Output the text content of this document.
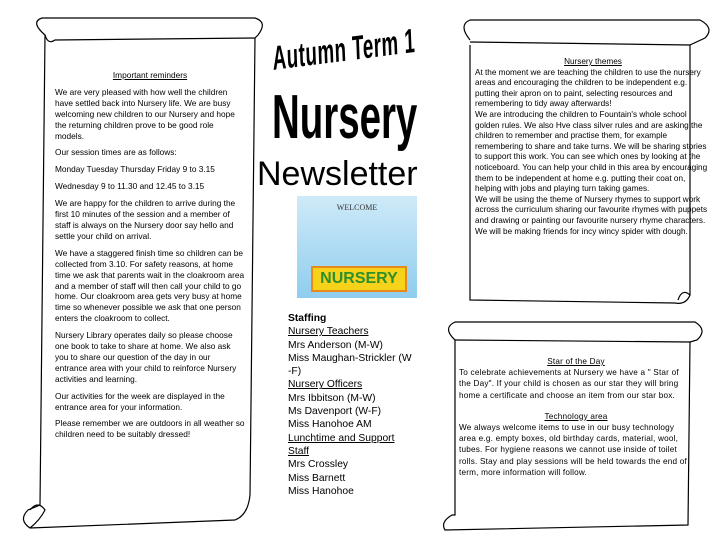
Autumn Term 1
Nursery
Newsletter
WELCOME
NURSERY

Important reminders

We are very pleased with how well the children have settled back into Nursery life. We are busy welcoming new children to our Nursery and hope the returning children prove to be good role models.

Our session times are as follows:

Monday Tuesday Thursday Friday 9 to 3.15

Wednesday 9 to 11.30 and 12.45 to 3.15

We are happy for the children to arrive during the first 10 minutes of the session and a member of staff is always on the Nursery door say hello and settle your child on arrival.

We have a staggered finish time so children can be collected from 3.10. For safety reasons, at home time we ask that parents wait in the cloakroom area and a member of staff will then call your child to go home. Our cloakroom area gets very busy at home time so whenever possible we ask that one person enters the cloakroom to collect.

Nursery Library operates daily so please choose one book to take to share at home. We also ask you to share our question of the day in our entrance area with your child to reinforce Nursery activities and learning.

Our activities for the week are displayed in the entrance area for your information.

Please remember we are outdoors in all weather so children need to be suitably dressed!

Nursery themes
At the moment we are teaching the children to use the nursery areas and encouraging the children to be independent e.g. putting their apron on to paint, selecting resources and remembering to tidy away afterwards!
We are introducing the children to Fountain's whole school golden rules. We also Hve class silver rules and are asking the children to remember and practise them, for example remembering to share and take turns. We will be sharing stories to support this work. You can see which ones by looking at the noticeboard. You can help your child in this area by encouraging them to be independent at home e.g. putting their coat on, helping with jobs and playing turn taking games.
We will be using the theme of Nursery rhymes to support work across the curriculum sharing our favourite rhymes with puppets and drawing or painting our favourite nursery rhyme characters. We will be making friends for incy wincy spider with dough.
Staffing
Nursery Teachers
Mrs Anderson (M-W)
Miss Maughan-Strickler (W
-F)
Nursery Officers
Mrs Ibbitson (M-W)
Ms Davenport (W-F)
Miss Hanohoe AM
Lunchtime and Support
Staff
Mrs Crossley
Miss Barnett
Miss Hanohoe
Star of the Day

To celebrate achievements at Nursery we have a " Star of the Day". If your child is chosen as our star they will bring home a certificate and choose an item from our star box.

Technology area
We always welcome items to use in our busy technology area e.g. empty boxes, old birthday cards, material, wool, tubes. For hygiene reasons we cannot use inside of toilet rolls. Stay and play sessions will be held towards the end of term, more information will follow.
